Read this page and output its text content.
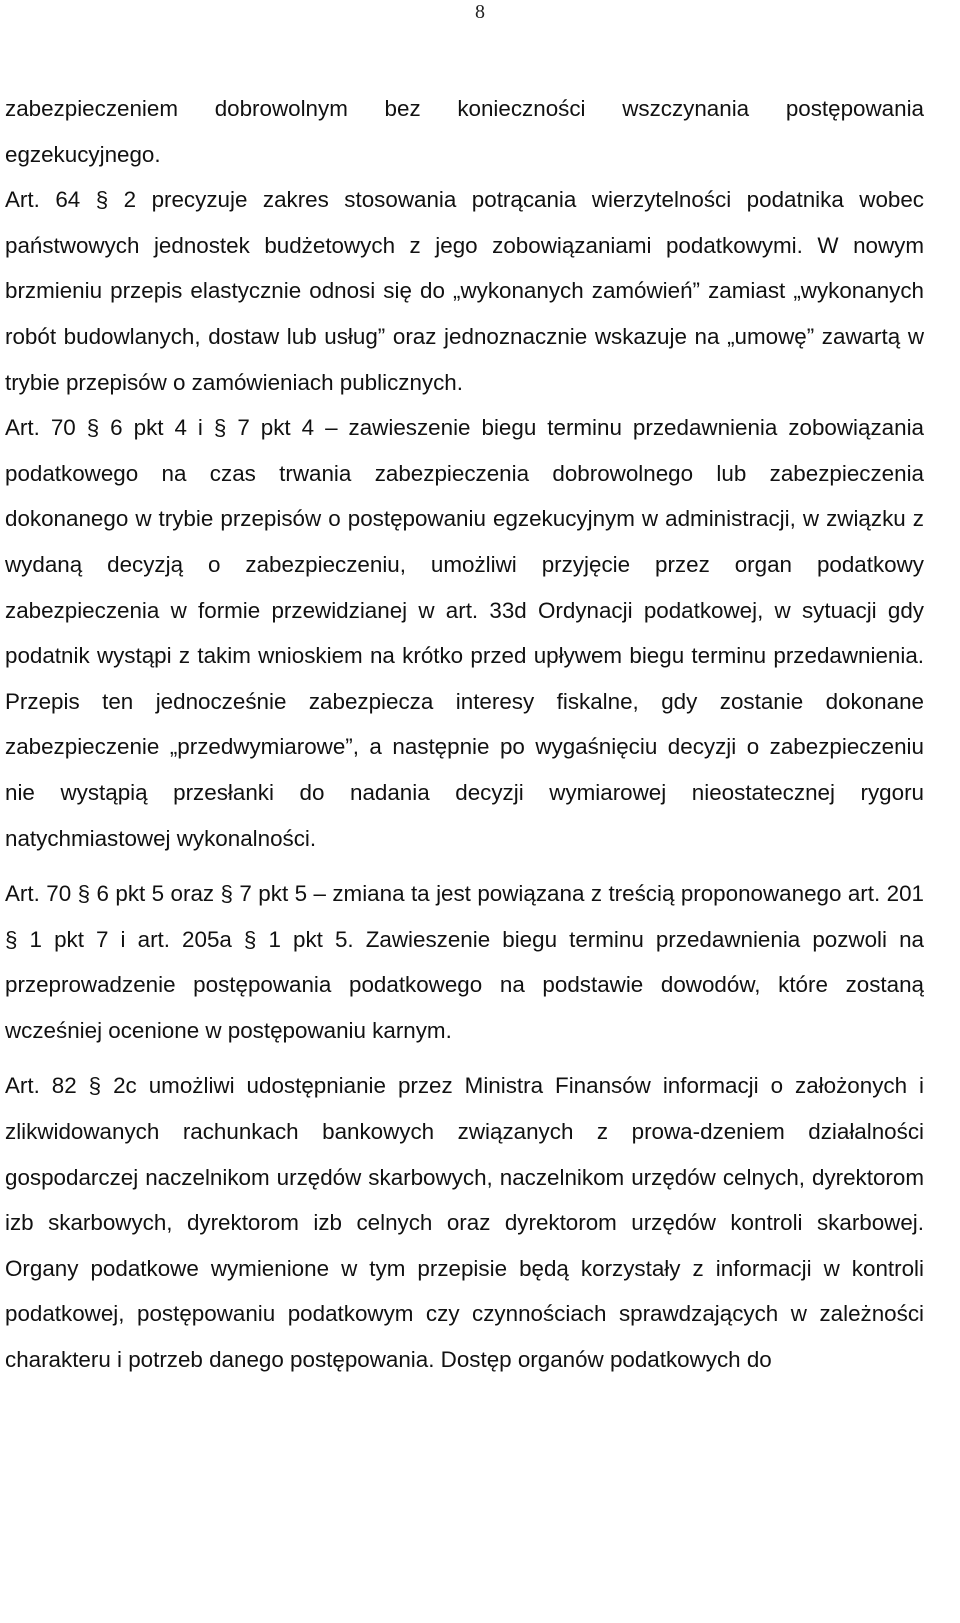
8

zabezpieczeniem dobrowolnym bez konieczności wszczynania postępowania egzekucyjnego.

Art. 64 § 2 precyzuje zakres stosowania potrącania wierzytelności podatnika wobec państwowych jednostek budżetowych z jego zobowiązaniami podatkowymi. W nowym brzmieniu przepis elastycznie odnosi się do „wykonanych zamówień” zamiast „wykonanych robót budowlanych, dostaw lub usług” oraz jednoznacznie wskazuje na „umowę” zawartą w trybie przepisów o zamówieniach publicznych.

Art. 70 § 6 pkt 4 i § 7 pkt 4 – zawieszenie biegu terminu przedawnienia zobowiązania podatkowego na czas trwania zabezpieczenia dobrowolnego lub zabezpieczenia dokonanego w trybie przepisów o postępowaniu egzekucyjnym w administracji, w związku z wydaną decyzją o zabezpieczeniu, umożliwi przyjęcie przez organ podatkowy zabezpieczenia w formie przewidzianej w art. 33d Ordynacji podatkowej, w sytuacji gdy podatnik wystąpi z takim wnioskiem na krótko przed upływem biegu terminu przedawnienia. Przepis ten jednocześnie zabezpiecza interesy fiskalne, gdy zostanie dokonane zabezpieczenie „przedwymiarowe”, a następnie po wygaśnięciu decyzji o zabezpieczeniu nie wystąpią przesłanki do nadania decyzji wymiarowej nieostatecznej rygoru natychmiastowej wykonalności.

Art. 70 § 6 pkt 5 oraz § 7 pkt 5 – zmiana ta jest powiązana z treścią proponowanego art. 201 § 1 pkt 7 i art. 205a § 1 pkt 5. Zawieszenie biegu terminu przedawnienia pozwoli na przeprowadzenie postępowania podatkowego na podstawie dowodów, które zostaną wcześniej ocenione w postępowaniu karnym.

Art. 82 § 2c umożliwi udostępnianie przez Ministra Finansów informacji o założonych i zlikwidowanych rachunkach bankowych związanych z prowa-dzeniem działalności gospodarczej naczelnikom urzędów skarbowych, naczelnikom urzędów celnych, dyrektorom izb skarbowych, dyrektorom izb celnych oraz dyrektorom urzędów kontroli skarbowej. Organy podatkowe wymienione w tym przepisie będą korzystały z informacji w kontroli podatkowej, postępowaniu podatkowym czy czynnościach sprawdzających w zależności charakteru i potrzeb danego postępowania. Dostęp organów podatkowych do
